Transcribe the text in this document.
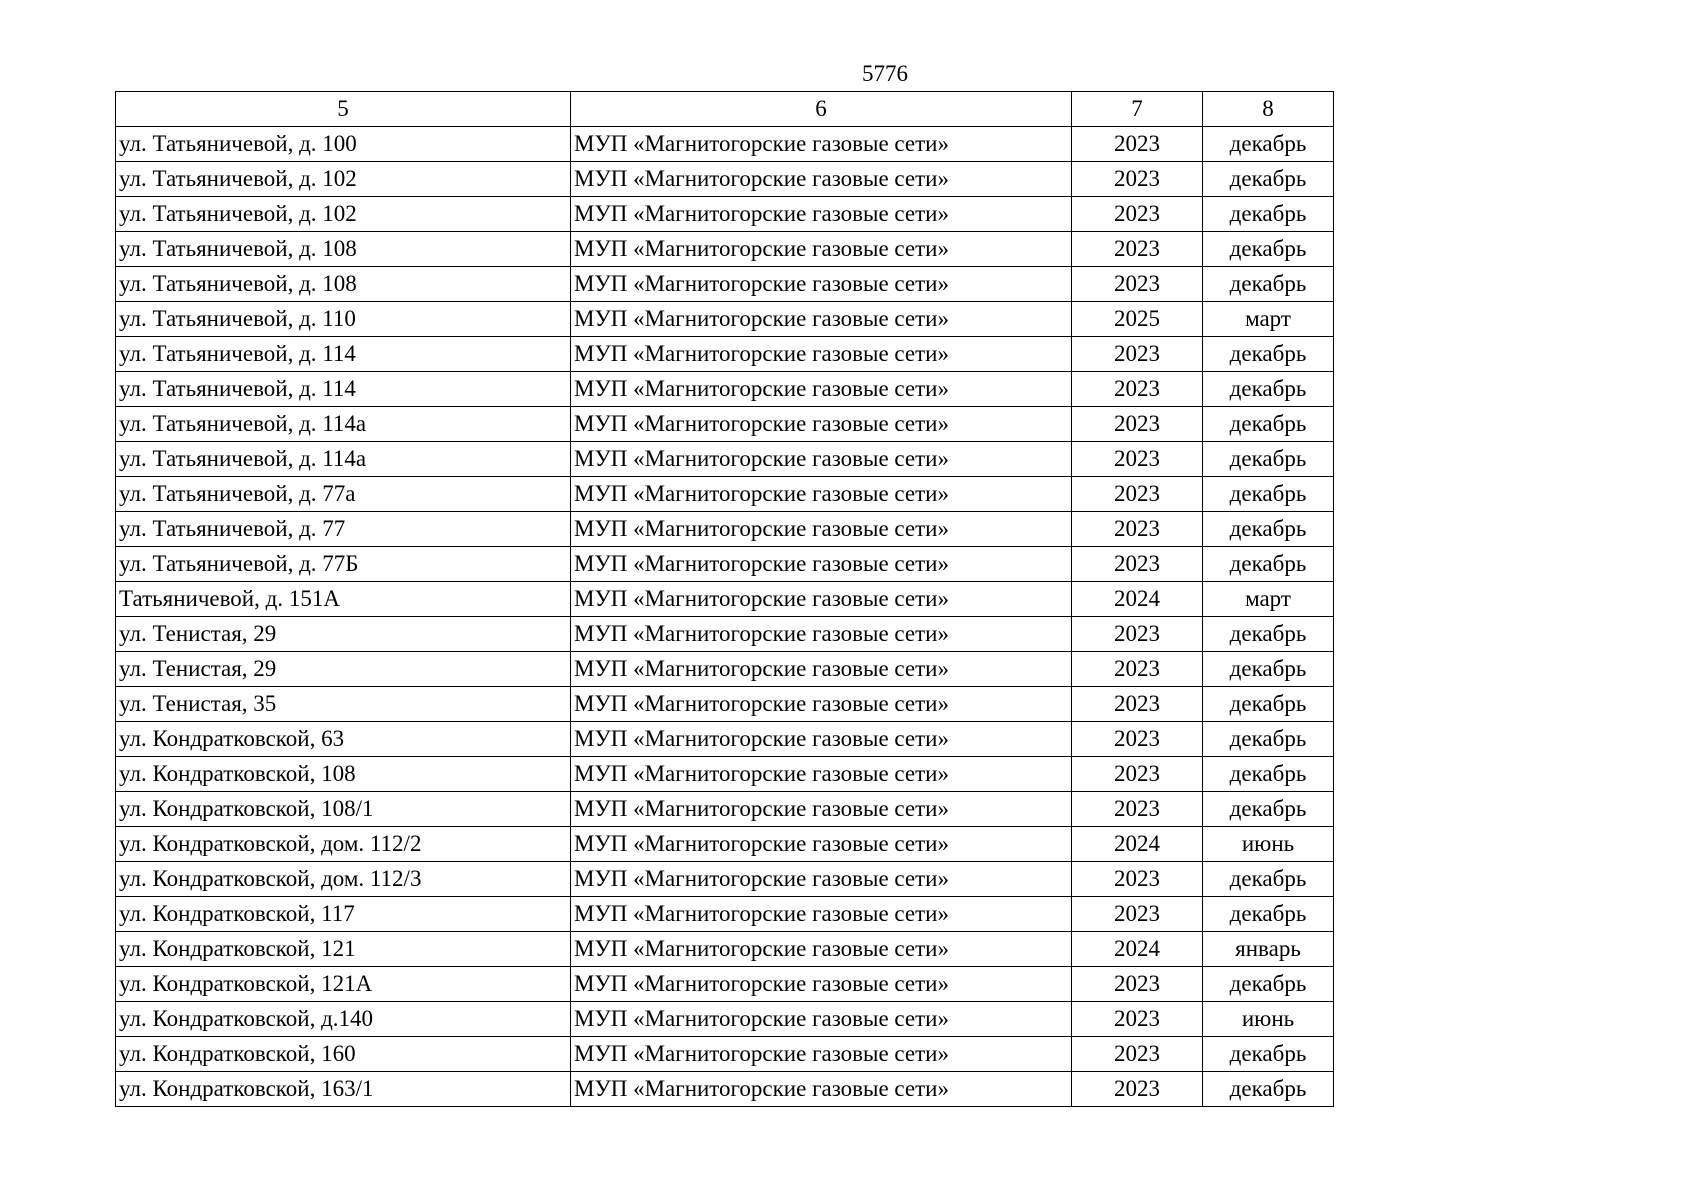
5776
5	6	7	8
ул. Татьяничевой, д. 100	МУП «Магнитогорские газовые сети»	2023	декабрь
ул. Татьяничевой, д. 102	МУП «Магнитогорские газовые сети»	2023	декабрь
ул. Татьяничевой, д. 102	МУП «Магнитогорские газовые сети»	2023	декабрь
ул. Татьяничевой, д. 108	МУП «Магнитогорские газовые сети»	2023	декабрь
ул. Татьяничевой, д. 108	МУП «Магнитогорские газовые сети»	2023	декабрь
ул. Татьяничевой, д. 110	МУП «Магнитогорские газовые сети»	2025	март
ул. Татьяничевой, д. 114	МУП «Магнитогорские газовые сети»	2023	декабрь
ул. Татьяничевой, д. 114	МУП «Магнитогорские газовые сети»	2023	декабрь
ул. Татьяничевой, д. 114а	МУП «Магнитогорские газовые сети»	2023	декабрь
ул. Татьяничевой, д. 114а	МУП «Магнитогорские газовые сети»	2023	декабрь
ул. Татьяничевой, д. 77а	МУП «Магнитогорские газовые сети»	2023	декабрь
ул. Татьяничевой, д. 77	МУП «Магнитогорские газовые сети»	2023	декабрь
ул. Татьяничевой, д. 77Б	МУП «Магнитогорские газовые сети»	2023	декабрь
Татьяничевой, д. 151А	МУП «Магнитогорские газовые сети»	2024	март
ул. Тенистая, 29	МУП «Магнитогорские газовые сети»	2023	декабрь
ул. Тенистая, 29	МУП «Магнитогорские газовые сети»	2023	декабрь
ул. Тенистая, 35	МУП «Магнитогорские газовые сети»	2023	декабрь
ул. Кондратковской, 63	МУП «Магнитогорские газовые сети»	2023	декабрь
ул. Кондратковской, 108	МУП «Магнитогорские газовые сети»	2023	декабрь
ул. Кондратковской, 108/1	МУП «Магнитогорские газовые сети»	2023	декабрь
ул. Кондратковской, дом. 112/2	МУП «Магнитогорские газовые сети»	2024	июнь
ул. Кондратковской, дом. 112/3	МУП «Магнитогорские газовые сети»	2023	декабрь
ул. Кондратковской, 117	МУП «Магнитогорские газовые сети»	2023	декабрь
ул. Кондратковской, 121	МУП «Магнитогорские газовые сети»	2024	январь
ул. Кондратковской, 121А	МУП «Магнитогорские газовые сети»	2023	декабрь
ул. Кондратковской, д.140	МУП «Магнитогорские газовые сети»	2023	июнь
ул. Кондратковской, 160	МУП «Магнитогорские газовые сети»	2023	декабрь
ул. Кондратковской, 163/1	МУП «Магнитогорские газовые сети»	2023	декабрь
